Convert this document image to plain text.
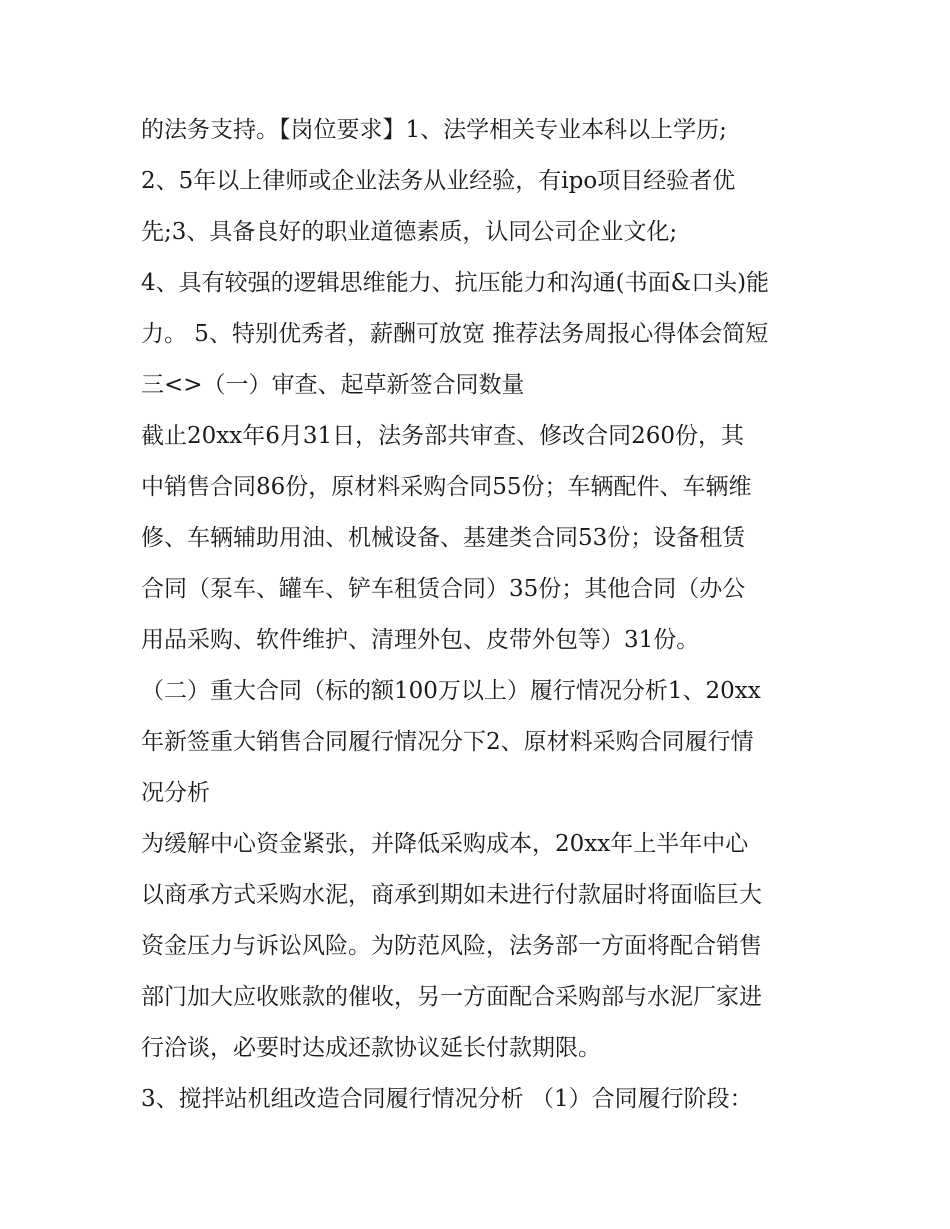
的法务支持。【岗位要求】1、法学相关专业本科以上学历;
2、5年以上律师或企业法务从业经验，有ipo项目经验者优
先;3、具备良好的职业道德素质，认同公司企业文化;
4、具有较强的逻辑思维能力、抗压能力和沟通(书面&口头)能
力。 5、特别优秀者，薪酬可放宽 推荐法务周报心得体会简短
三<>（一）审查、起草新签合同数量
截止20xx年6月31日，法务部共审查、修改合同260份，其
中销售合同86份，原材料采购合同55份；车辆配件、车辆维
修、车辆辅助用油、机械设备、基建类合同53份；设备租赁
合同（泵车、罐车、铲车租赁合同）35份；其他合同（办公
用品采购、软件维护、清理外包、皮带外包等）31份。
（二）重大合同（标的额100万以上）履行情况分析1、20xx
年新签重大销售合同履行情况分下2、原材料采购合同履行情
况分析
为缓解中心资金紧张，并降低采购成本，20xx年上半年中心
以商承方式采购水泥，商承到期如未进行付款届时将面临巨大
资金压力与诉讼风险。为防范风险，法务部一方面将配合销售
部门加大应收账款的催收，另一方面配合采购部与水泥厂家进
行洽谈，必要时达成还款协议延长付款期限。
3、搅拌站机组改造合同履行情况分析 （1）合同履行阶段：
